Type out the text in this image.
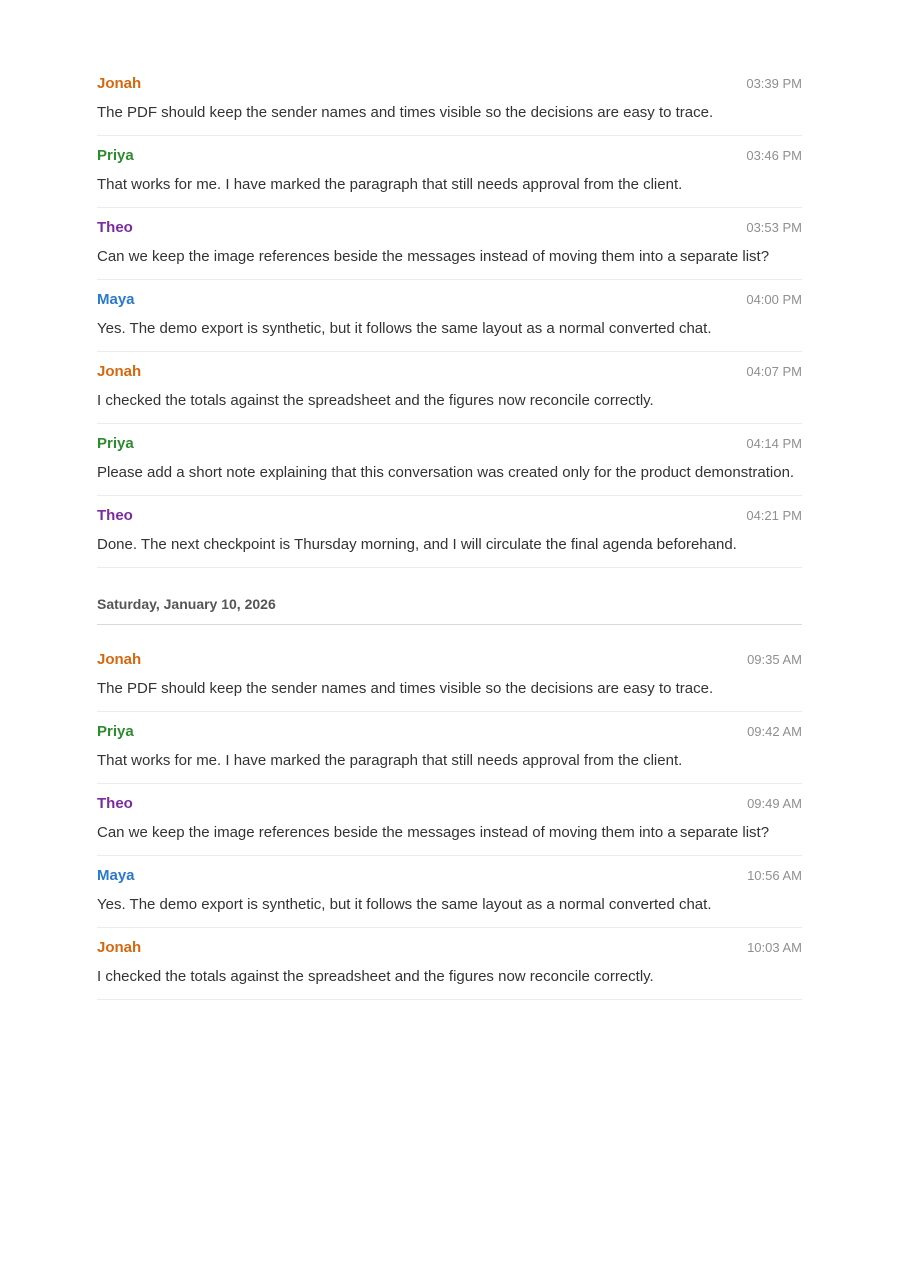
Jonah	03:39 PM
The PDF should keep the sender names and times visible so the decisions are easy to trace.
Priya	03:46 PM
That works for me. I have marked the paragraph that still needs approval from the client.
Theo	03:53 PM
Can we keep the image references beside the messages instead of moving them into a separate list?
Maya	04:00 PM
Yes. The demo export is synthetic, but it follows the same layout as a normal converted chat.
Jonah	04:07 PM
I checked the totals against the spreadsheet and the figures now reconcile correctly.
Priya	04:14 PM
Please add a short note explaining that this conversation was created only for the product demonstration.
Theo	04:21 PM
Done. The next checkpoint is Thursday morning, and I will circulate the final agenda beforehand.
Saturday, January 10, 2026
Jonah	09:35 AM
The PDF should keep the sender names and times visible so the decisions are easy to trace.
Priya	09:42 AM
That works for me. I have marked the paragraph that still needs approval from the client.
Theo	09:49 AM
Can we keep the image references beside the messages instead of moving them into a separate list?
Maya	10:56 AM
Yes. The demo export is synthetic, but it follows the same layout as a normal converted chat.
Jonah	10:03 AM
I checked the totals against the spreadsheet and the figures now reconcile correctly.
